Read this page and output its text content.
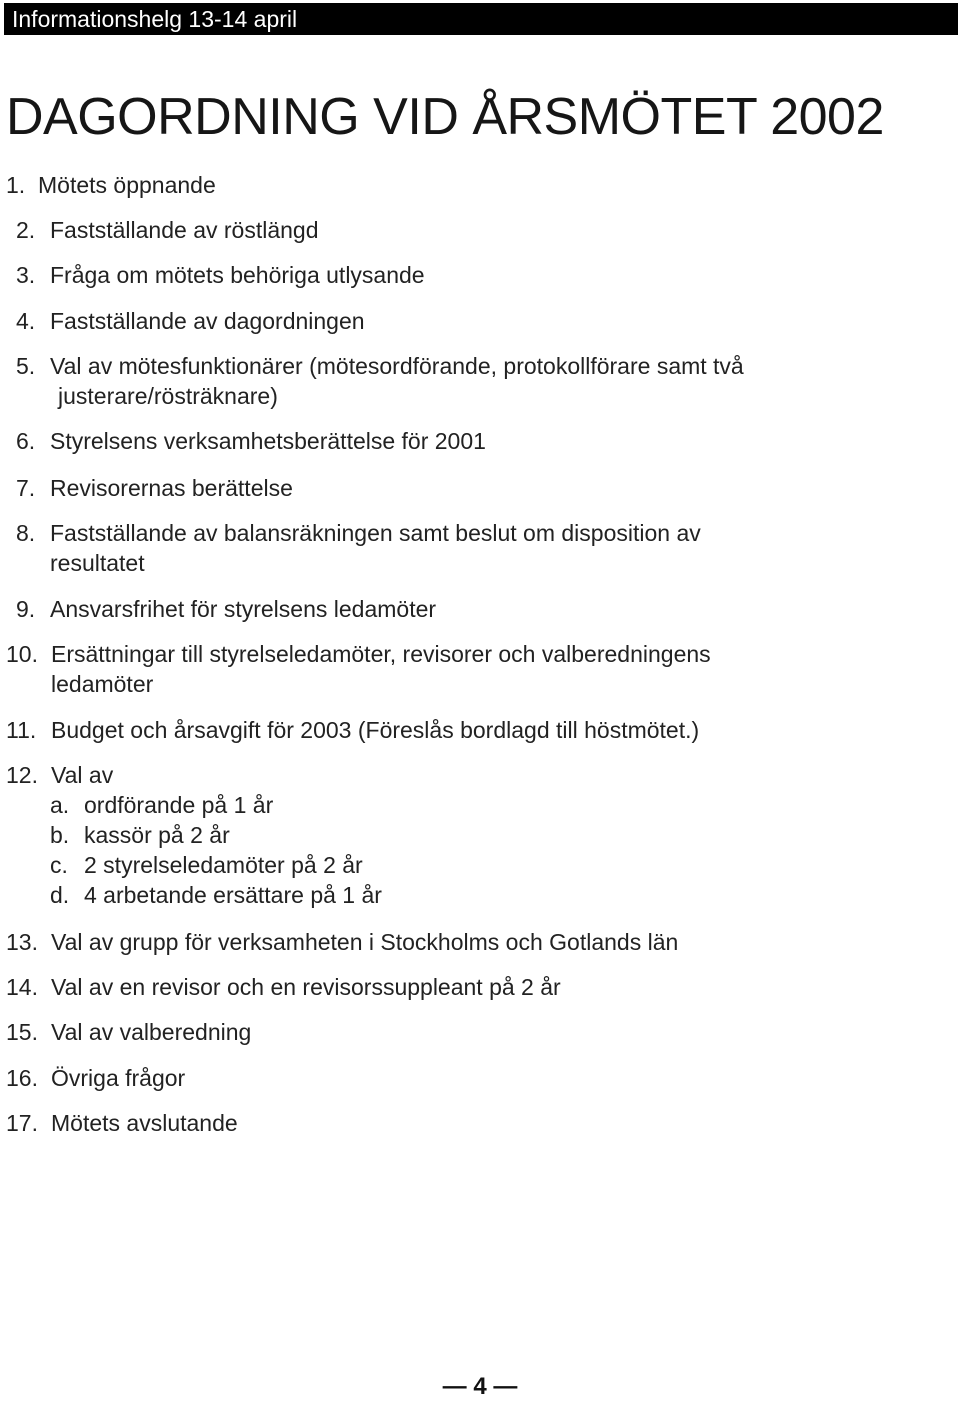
Informationshelg 13-14 april
DAGORDNING VID ÅRSMÖTET 2002
1. Mötets öppnande
2. Fastställande av röstlängd
3. Fråga om mötets behöriga utlysande
4. Fastställande av dagordningen
5. Val av mötesfunktionärer (mötesordförande, protokollförare samt två
justerare/rösträknare)
6. Styrelsens verksamhetsberättelse för 2001
7. Revisorernas berättelse
8. Fastställande av balansräkningen samt beslut om disposition av
resultatet
9. Ansvarsfrihet för styrelsens ledamöter
10. Ersättningar till styrelseledamöter, revisorer och valberedningens
ledamöter
11. Budget och årsavgift för 2003 (Föreslås bordlagd till höstmötet.)
12. Val av
a. ordförande på 1 år
b. kassör på 2 år
c. 2 styrelseledamöter på 2 år
d. 4 arbetande ersättare på 1 år
13. Val av grupp för verksamheten i Stockholms och Gotlands län
14. Val av en revisor och en revisorssuppleant på 2 år
15. Val av valberedning
16. Övriga frågor
17. Mötets avslutande
— 4 —
